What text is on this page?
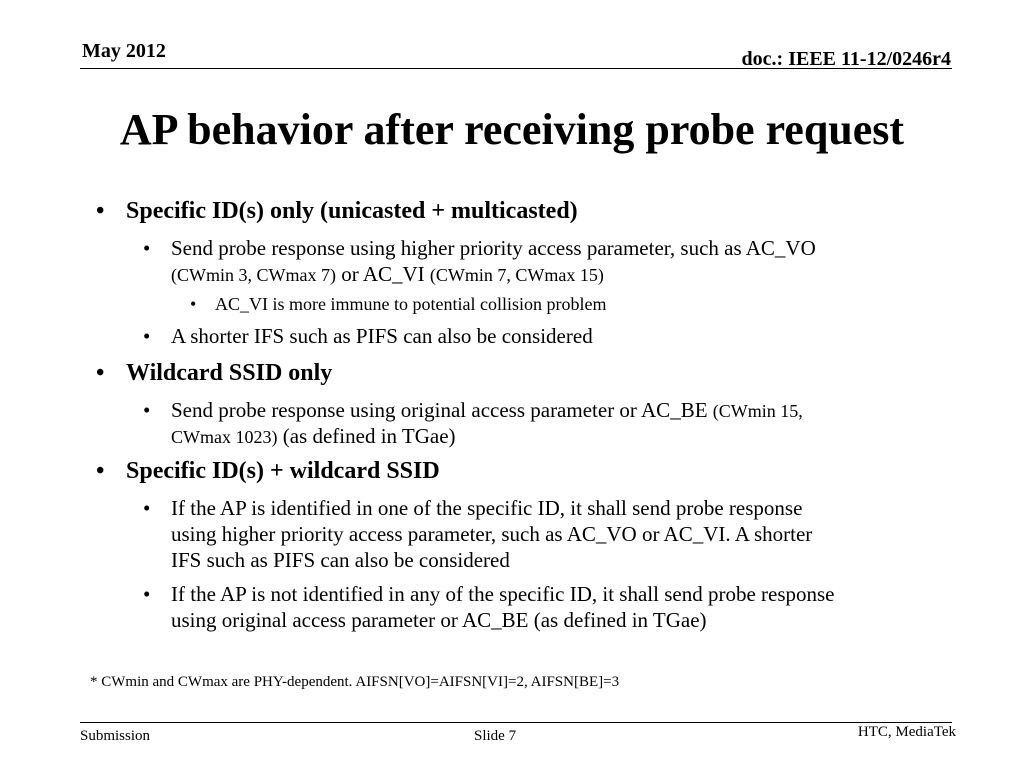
May 2012	doc.: IEEE 11-12/0246r4
AP behavior after receiving probe request
• Specific ID(s) only (unicasted + multicasted)
• Send probe response using higher priority access parameter, such as AC_VO
(CWmin 3, CWmax 7) or AC_VI (CWmin 7, CWmax 15)
• AC_VI is more immune to potential collision problem
• A shorter IFS such as PIFS can also be considered
• Wildcard SSID only
• Send probe response using original access parameter or AC_BE (CWmin 15,
CWmax 1023) (as defined in TGae)
• Specific ID(s) + wildcard SSID
• If the AP is identified in one of the specific ID, it shall send probe response
using higher priority access parameter, such as AC_VO or AC_VI. A shorter
IFS such as PIFS can also be considered
• If the AP is not identified in any of the specific ID, it shall send probe response
using original access parameter or AC_BE (as defined in TGae)
* CWmin and CWmax are PHY-dependent. AIFSN[VO]=AIFSN[VI]=2, AIFSN[BE]=3
Submission	Slide 7	HTC, MediaTek
